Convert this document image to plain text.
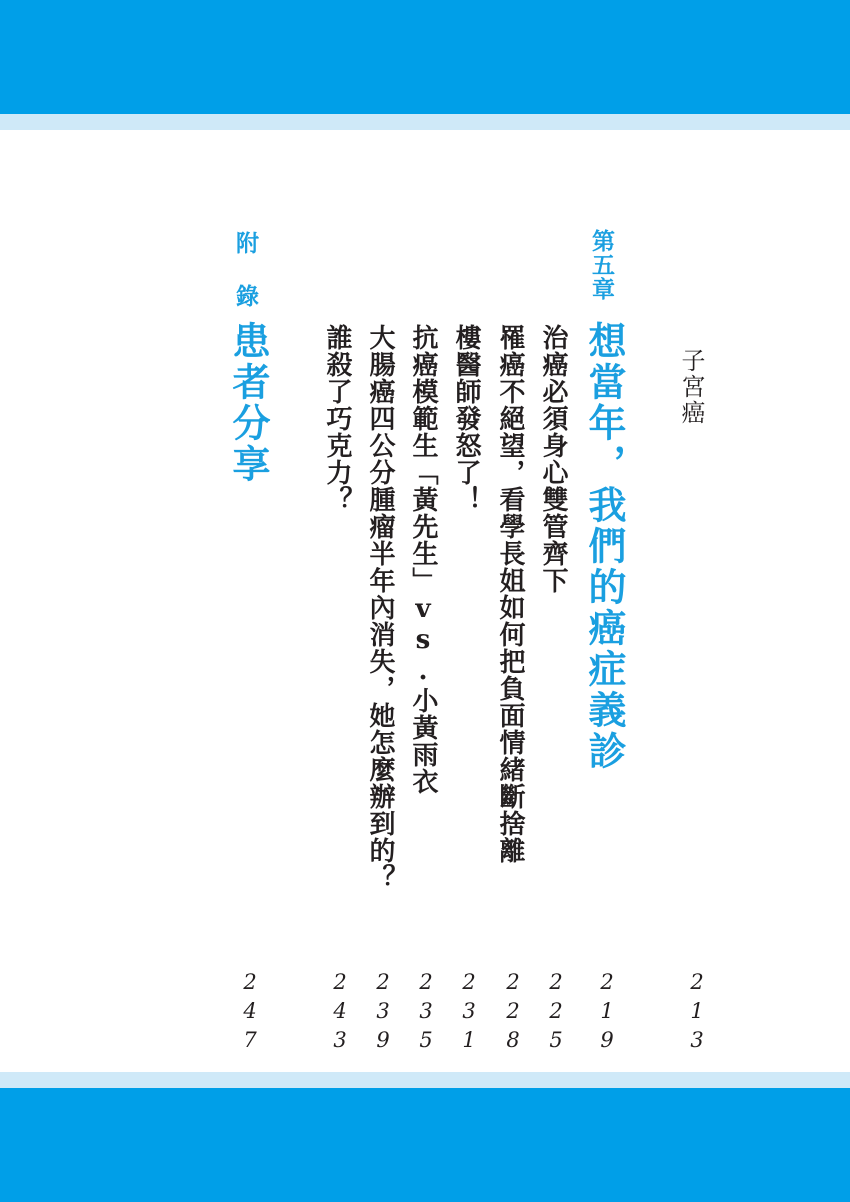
子宮癌
第五章
想當年，我們的癌症義診
治癌必須身心雙管齊下
罹癌不絕望，看學長姐如何把負面情緒斷捨離
樓醫師發怒了！
抗癌模範生「黃先生」vs.小黃雨衣
大腸癌四公分腫瘤半年內消失，她怎麼辦到的？
誰殺了巧克力？
附錄
患者分享
213
219
225
228
231
235
239
243
247
